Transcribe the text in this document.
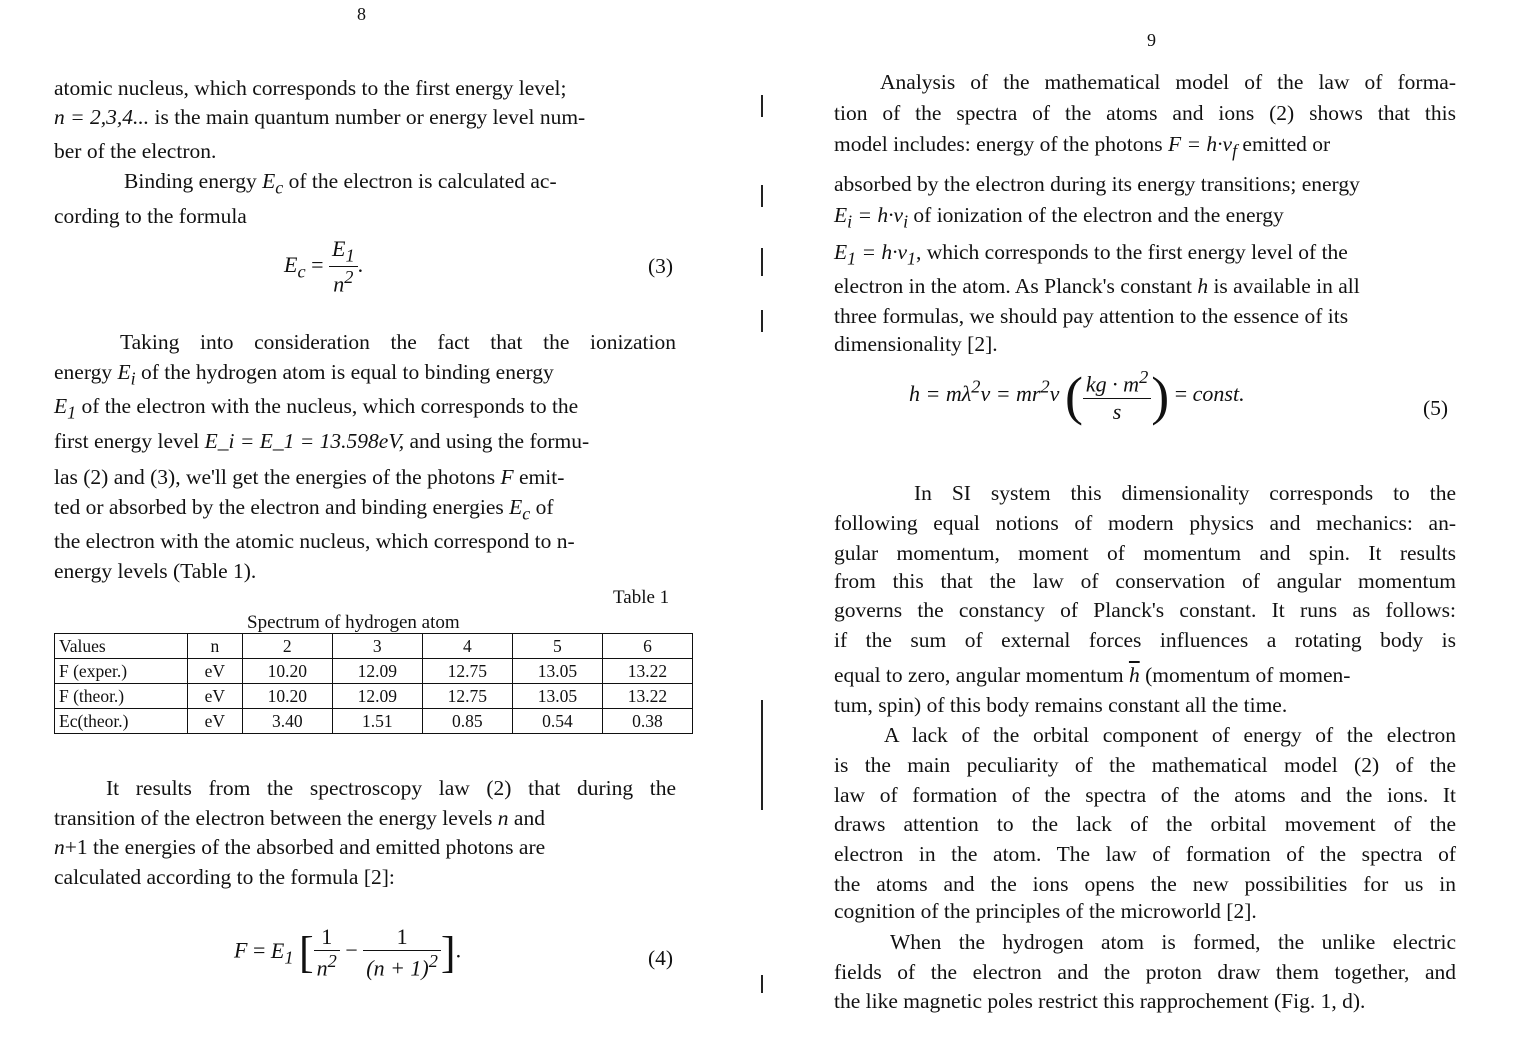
8
atomic nucleus, which corresponds to the first energy level;
n = 2,3,4... is the main quantum number or energy level num-
ber of the electron.
Binding energy $E_c$ of the electron is calculated ac-
cording to the formula
$E_c = \frac{E_1}{n^2}$ .	(3)
Taking into consideration the fact that the ionization
energy $E_i$ of the hydrogen atom is equal to binding energy
$E_1$ of the electron with the nucleus, which corresponds to the
first energy level E_i = E_1 = 13.598eV, and using the formu-
las (2) and (3), we'll get the energies of the photons F emit-
ted or absorbed by the electron and binding energies $E_c$ of
the electron with the atomic nucleus, which correspond to n-
energy levels (Table 1).
Table 1
Spectrum of hydrogen atom
Values	n	2	3	4	5	6
F (exper.)	eV	10.20	12.09	12.75	13.05	13.22
F (theor.)	eV	10.20	12.09	12.75	13.05	13.22
Ec(theor.)	eV	3.40	1.51	0.85	0.54	0.38
It results from the spectroscopy law (2) that during the
transition of the electron between the energy levels n and
n+1 the energies of the absorbed and emitted photons are
calculated according to the formula [2]:
$F = E_1$ [ $\frac{1}{n^2} - \frac{1}{(n + 1)^2}$ ].	(4)
9
Analysis of the mathematical model of the law of forma-
tion of the spectra of the atoms and ions (2) shows that this
model includes: energy of the photons $F = h\cdot\nu_f$ emitted or
absorbed by the electron during its energy transitions; energy
$E_i = h\cdot\nu_i$ of ionization of the electron and the energy
$E_1 = h\cdot\nu_1$, which corresponds to the first energy level of the
electron in the atom. As Planck's constant h is available in all
three formulas, we should pay attention to the essence of its
dimensionality [2].
$h = m\lambda^2\nu = mr^2\nu$ ( $\frac{kg \cdot m^2}{s}$ ) = const.
(5)
In SI system this dimensionality corresponds to the
following equal notions of modern physics and mechanics: an-
gular momentum, moment of momentum and spin. It results
from this that the law of conservation of angular momentum
governs the constancy of Planck's constant. It runs as follows:
if the sum of external forces influences a rotating body is
equal to zero, angular momentum $\overline{h}$ (momentum of momen-
tum, spin) of this body remains constant all the time.
A lack of the orbital component of energy of the electron
is the main peculiarity of the mathematical model (2) of the
law of formation of the spectra of the atoms and the ions. It
draws attention to the lack of the orbital movement of the
electron in the atom. The law of formation of the spectra of
the atoms and the ions opens the new possibilities for us in
cognition of the principles of the microworld [2].
When the hydrogen atom is formed, the unlike electric
fields of the electron and the proton draw them together, and
the like magnetic poles restrict this rapprochement (Fig. 1, d).
